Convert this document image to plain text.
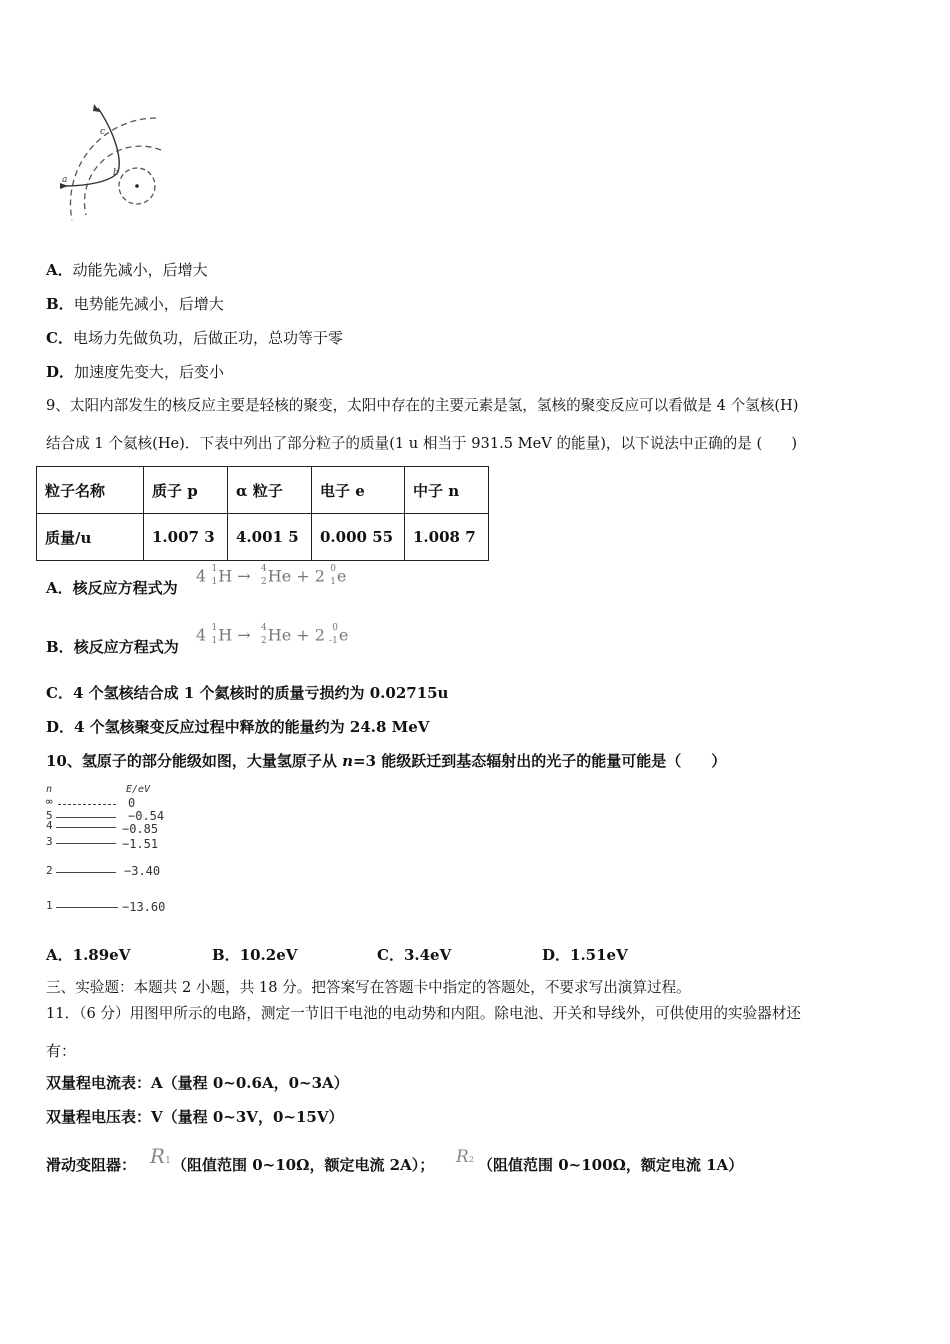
a
b
c
A．动能先减小，后增大
B．电势能先减小，后增大
C．电场力先做负功，后做正功，总功等于零
D．加速度先变大，后变小
9、太阳内部发生的核反应主要是轻核的聚变，太阳中存在的主要元素是氢，氢核的聚变反应可以看做是 4 个氢核(H)
结合成 1 个氦核(He)．下表中列出了部分粒子的质量(1 u 相当于 931.5 MeV 的能量)，以下说法中正确的是 (　　)
粒子名称	质子 p	α 粒子	电子 e	中子 n
质量/u	1.007 3	4.001 5	0.000 55	1.008 7
A．核反应方程式为
4 1
1 H → 4
2 He + 2 0
1 e
B．核反应方程式为
4 1
1 H → 4
2 He + 2 0
-1 e
C．4 个氢核结合成 1 个氦核时的质量亏损约为 0.02715u
D．4 个氢核聚变反应过程中释放的能量约为 24.8 MeV
10、氢原子的部分能级如图，大量氢原子从 n=3 能级跃迁到基态辐射出的光子的能量可能是（　　）
n	E/eV
∞	0
5	−0.54
4	−0.85
3	−1.51
2	−3.40
1	−13.60
A．1.89eV	B．10.2eV	C．3.4eV	D．1.51eV
三、实验题：本题共 2 小题，共 18 分。把答案写在答题卡中指定的答题处，不要求写出演算过程。
11．（6 分）用图甲所示的电路，测定一节旧干电池的电动势和内阻。除电池、开关和导线外，可供使用的实验器材还
有：
双量程电流表：A（量程 0~0.6A，0~3A）
双量程电压表：V（量程 0~3V，0~15V）
滑动变阻器： R1 （阻值范围 0~10Ω，额定电流 2A）； R2 （阻值范围 0~100Ω，额定电流 1A）
